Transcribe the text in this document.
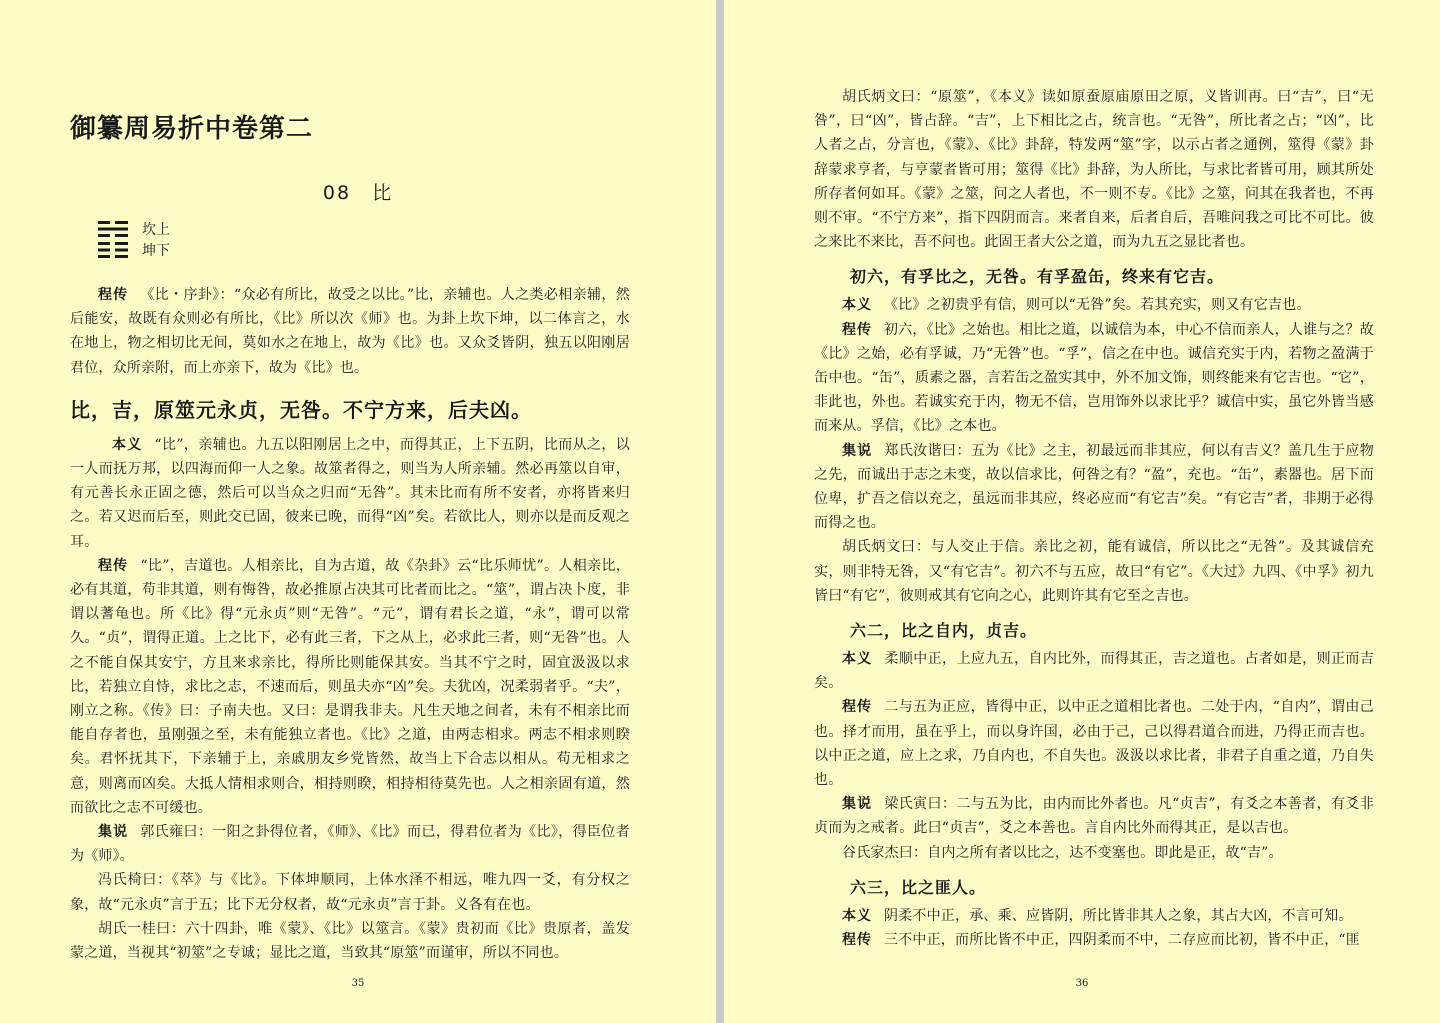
御纂周易折中卷第二
08　比
坎上
坤下

程传 《比・序卦》：“众必有所比，故受之以比。”比，亲辅也。人之类必相亲辅，然后能安，故既有众则必有所比，《比》所以次《师》也。为卦上坎下坤，以二体言之，水在地上，物之相切比无间，莫如水之在地上，故为《比》也。又众爻皆阴，独五以阳刚居君位，众所亲附，而上亦亲下，故为《比》也。

比，吉，原筮元永贞，无咎。不宁方来，后夫凶。

本义 “比”，亲辅也。九五以阳刚居上之中，而得其正，上下五阴，比而从之，以一人而抚万邦，以四海而仰一人之象。故筮者得之，则当为人所亲辅。然必再筮以自审，有元善长永正固之德，然后可以当众之归而“无咎”。其未比而有所不安者，亦将皆来归之。若又迟而后至，则此交已固，彼来已晚，而得“凶”矣。若欲比人，则亦以是而反观之耳。

程传 “比”，吉道也。人相亲比，自为古道，故《杂卦》云“比乐师忧”。人相亲比，必有其道，苟非其道，则有悔咎，故必推原占决其可比者而比之。“筮”，谓占决卜度，非谓以蓍龟也。所《比》得“元永贞”则“无咎”。“元”，谓有君长之道，“永”，谓可以常久。“贞”，谓得正道。上之比下，必有此三者，下之从上，必求此三者，则“无咎”也。人之不能自保其安宁，方且来求亲比，得所比则能保其安。当其不宁之时，固宜汲汲以求比，若独立自恃，求比之志，不速而后，则虽夫亦“凶”矣。夫犹凶，况柔弱者乎。“夫”，刚立之称。《传》曰：子南夫也。又曰：是谓我非夫。凡生天地之间者，未有不相亲比而能自存者也，虽刚强之至，未有能独立者也。《比》之道，由两志相求。两志不相求则睽矣。君怀抚其下，下亲辅于上，亲戚朋友乡党皆然，故当上下合志以相从。苟无相求之意，则离而凶矣。大抵人情相求则合，相持则睽，相持相待莫先也。人之相亲固有道，然而欲比之志不可缓也。

集说 郭氏雍曰：一阳之卦得位者，《师》、《比》而已，得君位者为《比》，得臣位者为《师》。

冯氏椅曰：《萃》与《比》。下体坤顺同，上体水泽不相远，唯九四一爻，有分权之象，故“元永贞”言于五；比下无分权者，故“元永贞”言于卦。义各有在也。

胡氏一桂曰：六十四卦，唯《蒙》、《比》以筮言。《蒙》贵初而《比》贵原者，盖发蒙之道，当视其“初筮”之专诚；显比之道，当致其“原筮”而谨审，所以不同也。

35

胡氏炳文曰：“原筮”，《本义》读如原蚕原庙原田之原，义皆训再。曰“吉”，曰“无咎”，曰“凶”，皆占辞。“吉”，上下相比之占，统言也。“无咎”，所比者之占；“凶”，比人者之占，分言也，《蒙》、《比》卦辞，特发两“筮”字，以示占者之通例，筮得《蒙》卦辞蒙求亨者，与亨蒙者皆可用；筮得《比》卦辞，为人所比，与求比者皆可用，顾其所处所存者何如耳。《蒙》之筮，问之人者也，不一则不专。《比》之筮，问其在我者也，不再则不审。“不宁方来”，指下四阴而言。来者自来，后者自后，吾唯问我之可比不可比。彼之来比不来比，吾不问也。此固王者大公之道，而为九五之显比者也。

初六，有孚比之，无咎。有孚盈缶，终来有它吉。

本义 《比》之初贵乎有信，则可以“无咎”矣。若其充实，则又有它吉也。

程传 初六，《比》之始也。相比之道，以诚信为本，中心不信而亲人，人谁与之？故《比》之始，必有孚诚，乃“无咎”也。“孚”，信之在中也。诚信充实于内，若物之盈满于缶中也。“缶”，质素之器，言若缶之盈实其中，外不加文饰，则终能来有它吉也。“它”，非此也，外也。若诚实充于内，物无不信，岂用饰外以求比乎？诚信中实，虽它外皆当感而来从。孚信，《比》之本也。

集说 郑氏汝谐曰：五为《比》之主，初最远而非其应，何以有吉义？盖几生于应物之先，而诚出于志之未变，故以信求比，何咎之有？“盈”，充也。“缶”，素器也。居下而位卑，扩吾之信以充之，虽远而非其应，终必应而“有它吉”矣。“有它吉”者，非期于必得而得之也。

胡氏炳文曰：与人交止于信。亲比之初，能有诚信，所以比之“无咎”。及其诚信充实，则非特无咎，又“有它吉”。初六不与五应，故曰“有它”。《大过》九四、《中孚》初九皆曰“有它”，彼则戒其有它向之心，此则许其有它至之吉也。

六二，比之自内，贞吉。

本义 柔顺中正，上应九五，自内比外，而得其正，吉之道也。占者如是，则正而吉矣。

程传 二与五为正应，皆得中正，以中正之道相比者也。二处于内，“自内”，谓由己也。择才而用，虽在乎上，而以身许国，必由于己，己以得君道合而进，乃得正而吉也。以中正之道，应上之求，乃自内也，不自失也。汲汲以求比者，非君子自重之道，乃自失也。

集说 梁氏寅曰：二与五为比，由内而比外者也。凡“贞吉”，有爻之本善者，有爻非贞而为之戒者。此曰“贞吉”，爻之本善也。言自内比外而得其正，是以吉也。

谷氏家杰曰：自内之所有者以比之，达不变塞也。即此是正，故“吉”。

六三，比之匪人。

本义 阴柔不中正，承、乘、应皆阴，所比皆非其人之象，其占大凶，不言可知。

程传 三不中正，而所比皆不中正，四阴柔而不中，二存应而比初，皆不中正，“匪

36
